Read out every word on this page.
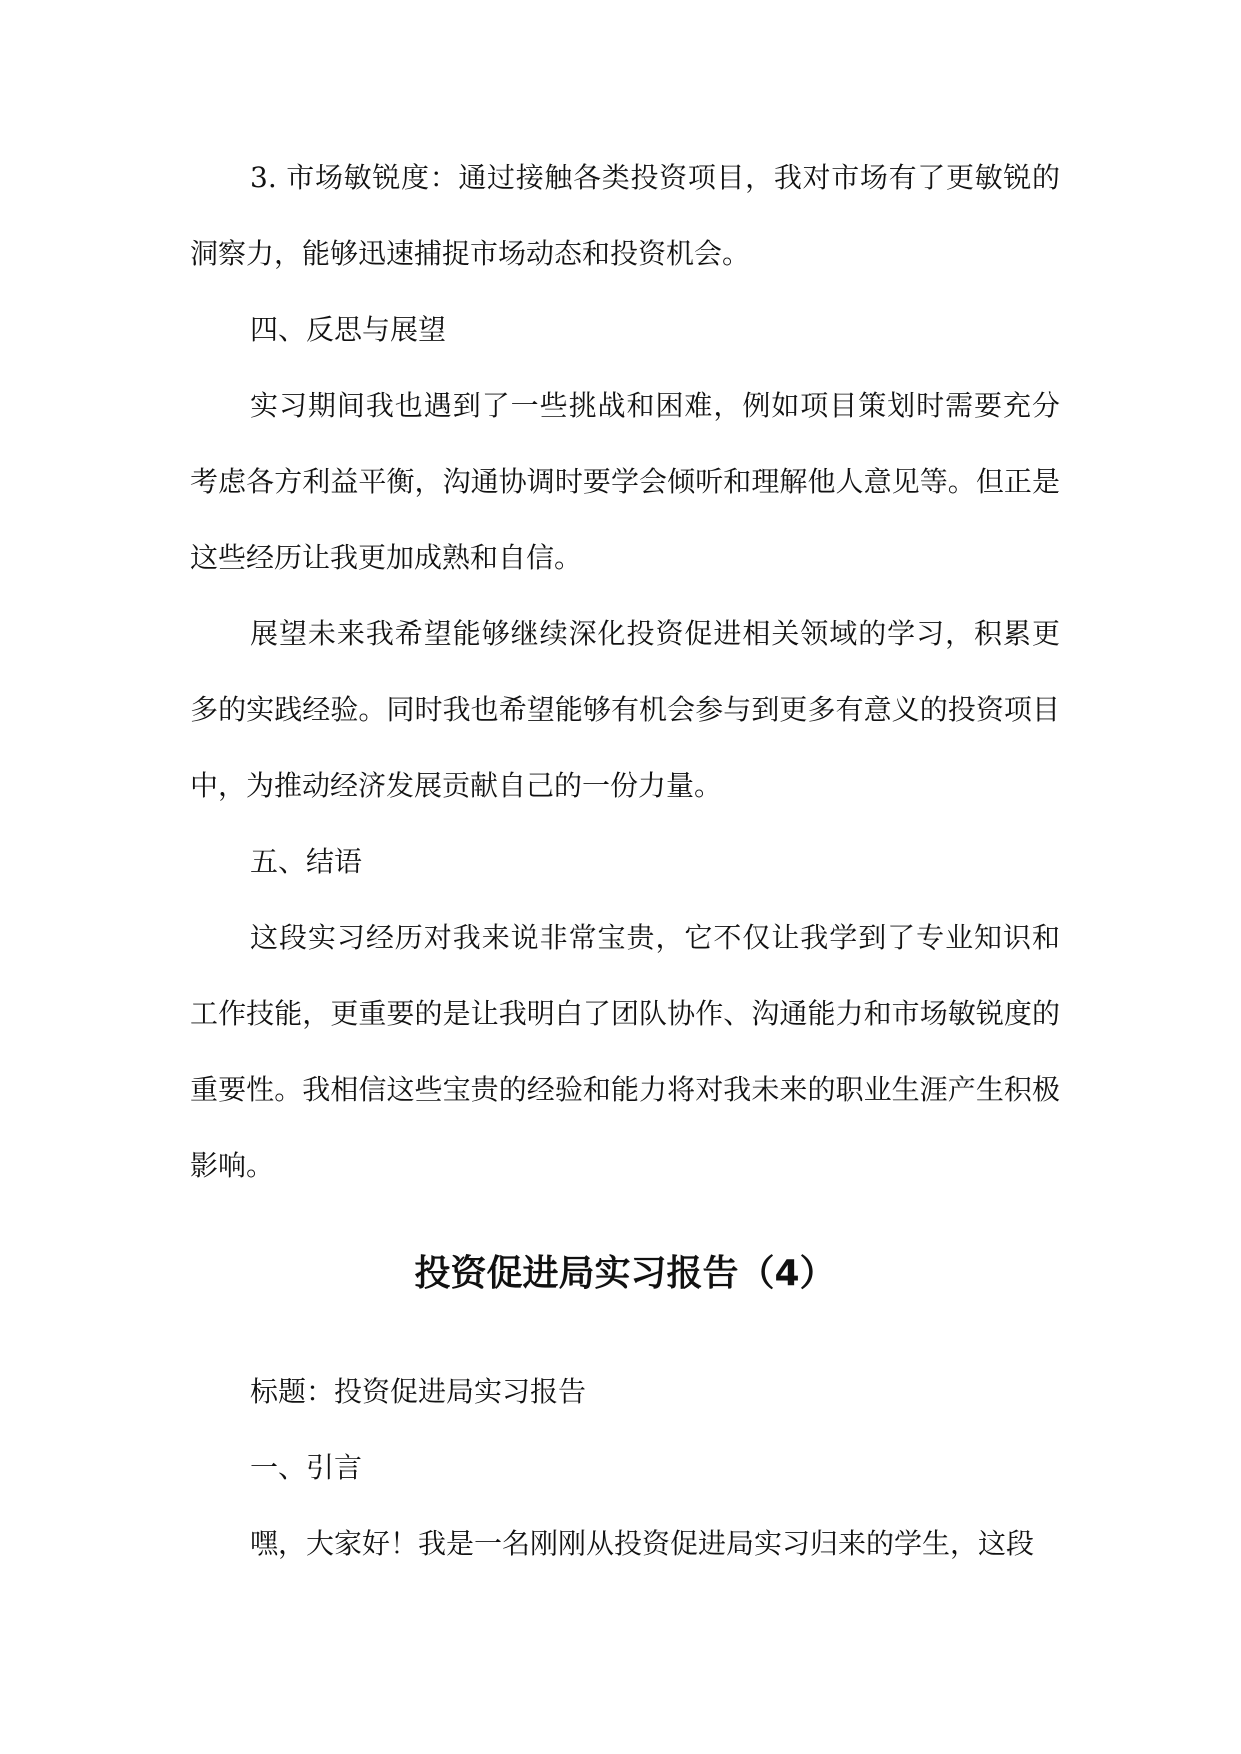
3. 市场敏锐度：通过接触各类投资项目，我对市场有了更敏锐的洞察力，能够迅速捕捉市场动态和投资机会。

四、反思与展望

实习期间我也遇到了一些挑战和困难，例如项目策划时需要充分考虑各方利益平衡，沟通协调时要学会倾听和理解他人意见等。但正是这些经历让我更加成熟和自信。

展望未来我希望能够继续深化投资促进相关领域的学习，积累更多的实践经验。同时我也希望能够有机会参与到更多有意义的投资项目中，为推动经济发展贡献自己的一份力量。

五、结语

这段实习经历对我来说非常宝贵，它不仅让我学到了专业知识和工作技能，更重要的是让我明白了团队协作、沟通能力和市场敏锐度的重要性。我相信这些宝贵的经验和能力将对我未来的职业生涯产生积极影响。

投资促进局实习报告（4）

标题：投资促进局实习报告

一、引言

嘿，大家好！我是一名刚刚从投资促进局实习归来的学生，这段
